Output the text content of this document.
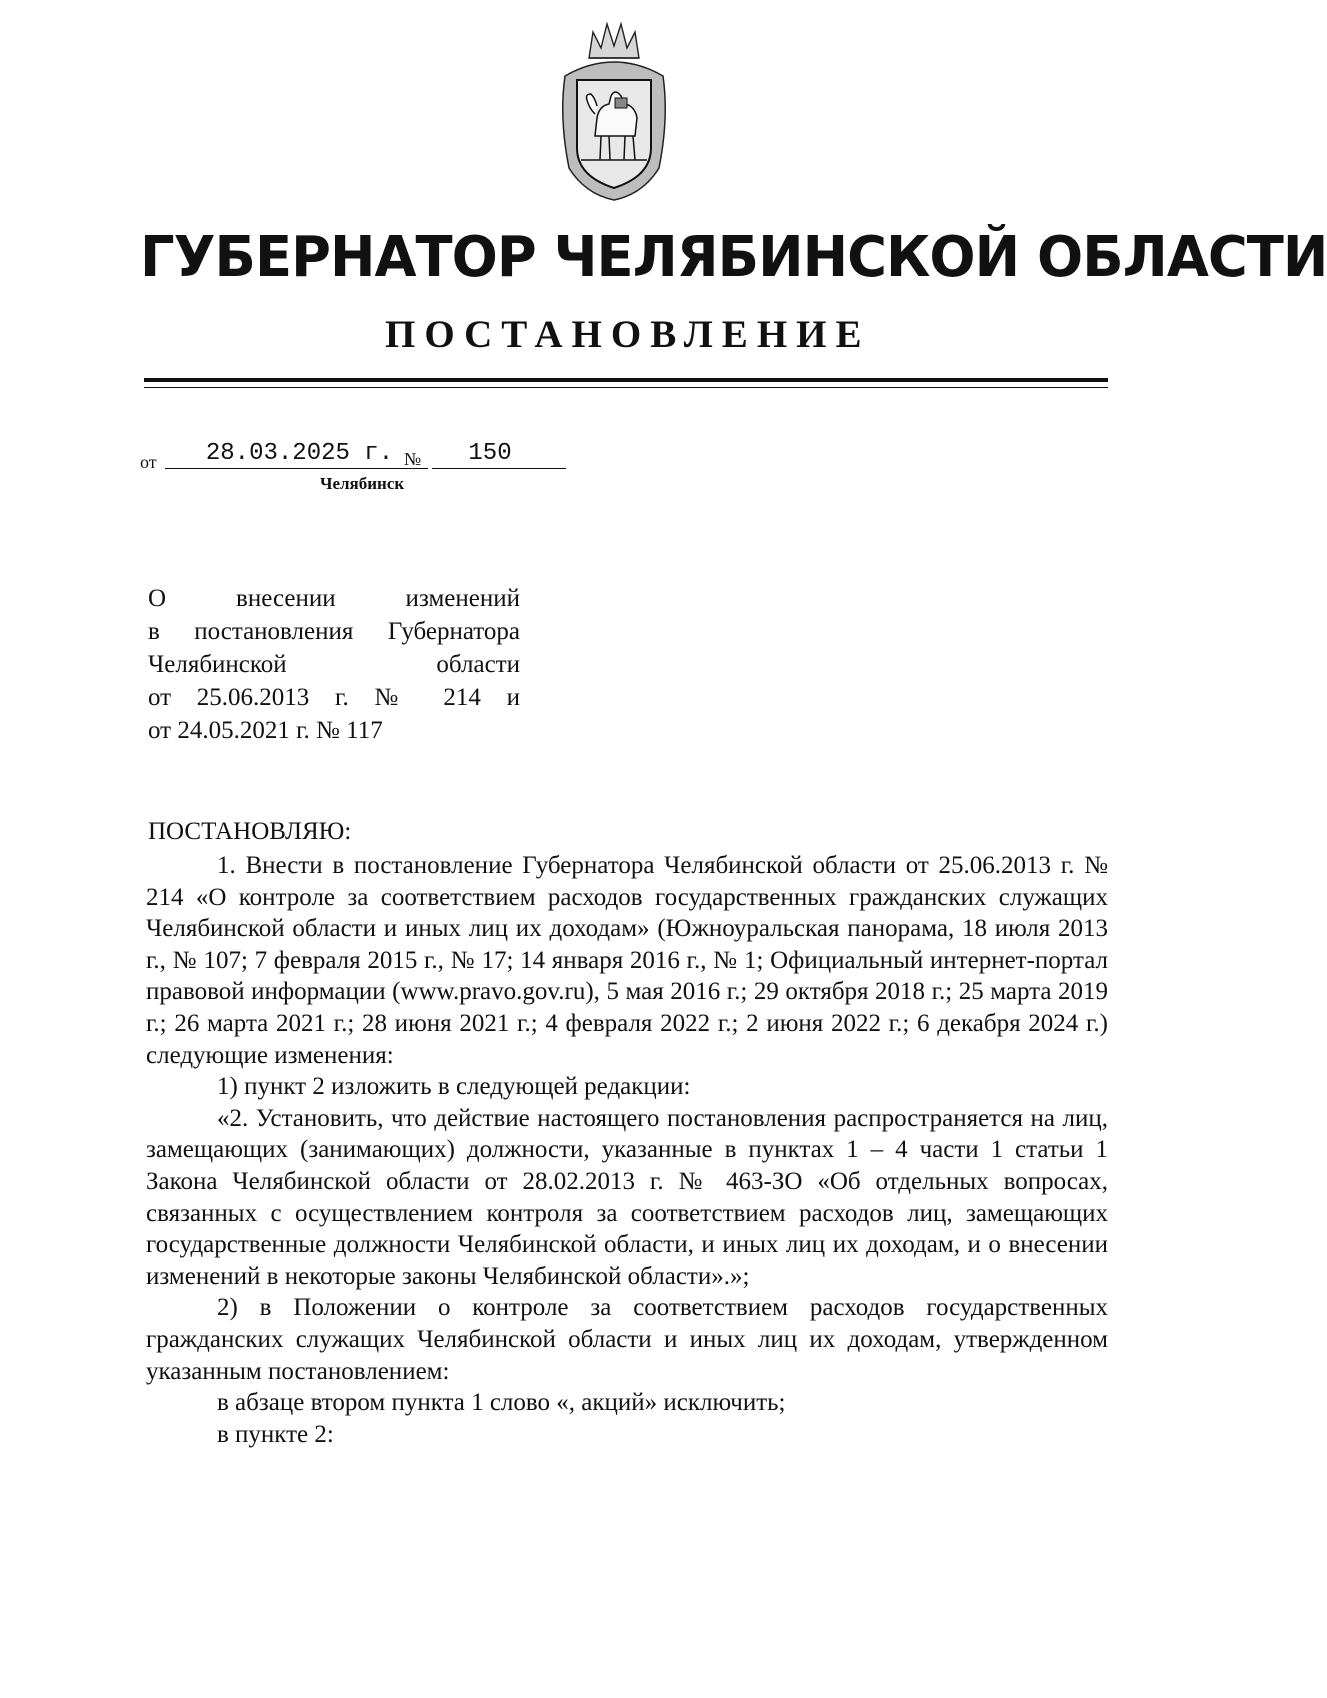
ГУБЕРНАТОР ЧЕЛЯБИНСКОЙ ОБЛАСТИ
ПОСТАНОВЛЕНИЕ
от	28.03.2025 г. №	150
Челябинск
О внесении изменений
в постановления Губернатора
Челябинской области
от 25.06.2013 г. № 214 и
от 24.05.2021 г. № 117
ПОСТАНОВЛЯЮ:

1. Внести в постановление Губернатора Челябинской области от 25.06.2013 г. № 214 «О контроле за соответствием расходов государственных гражданских служащих Челябинской области и иных лиц их доходам» (Южноуральская панорама, 18 июля 2013 г., № 107; 7 февраля 2015 г., № 17; 14 января 2016 г., № 1; Официальный интернет-портал правовой информации (www.pravo.gov.ru), 5 мая 2016 г.; 29 октября 2018 г.; 25 марта 2019 г.; 26 марта 2021 г.; 28 июня 2021 г.; 4 февраля 2022 г.; 2 июня 2022 г.; 6 декабря 2024 г.) следующие изменения:

1) пункт 2 изложить в следующей редакции:

«2. Установить, что действие настоящего постановления распространяется на лиц, замещающих (занимающих) должности, указанные в пунктах 1 – 4 части 1 статьи 1 Закона Челябинской области от 28.02.2013 г. № 463-ЗО «Об отдельных вопросах, связанных с осуществлением контроля за соответствием расходов лиц, замещающих государственные должности Челябинской области, и иных лиц их доходам, и о внесении изменений в некоторые законы Челябинской области».»;

2) в Положении о контроле за соответствием расходов государственных гражданских служащих Челябинской области и иных лиц их доходам, утвержденном указанным постановлением:

в абзаце втором пункта 1 слово «, акций» исключить;

в пункте 2:
